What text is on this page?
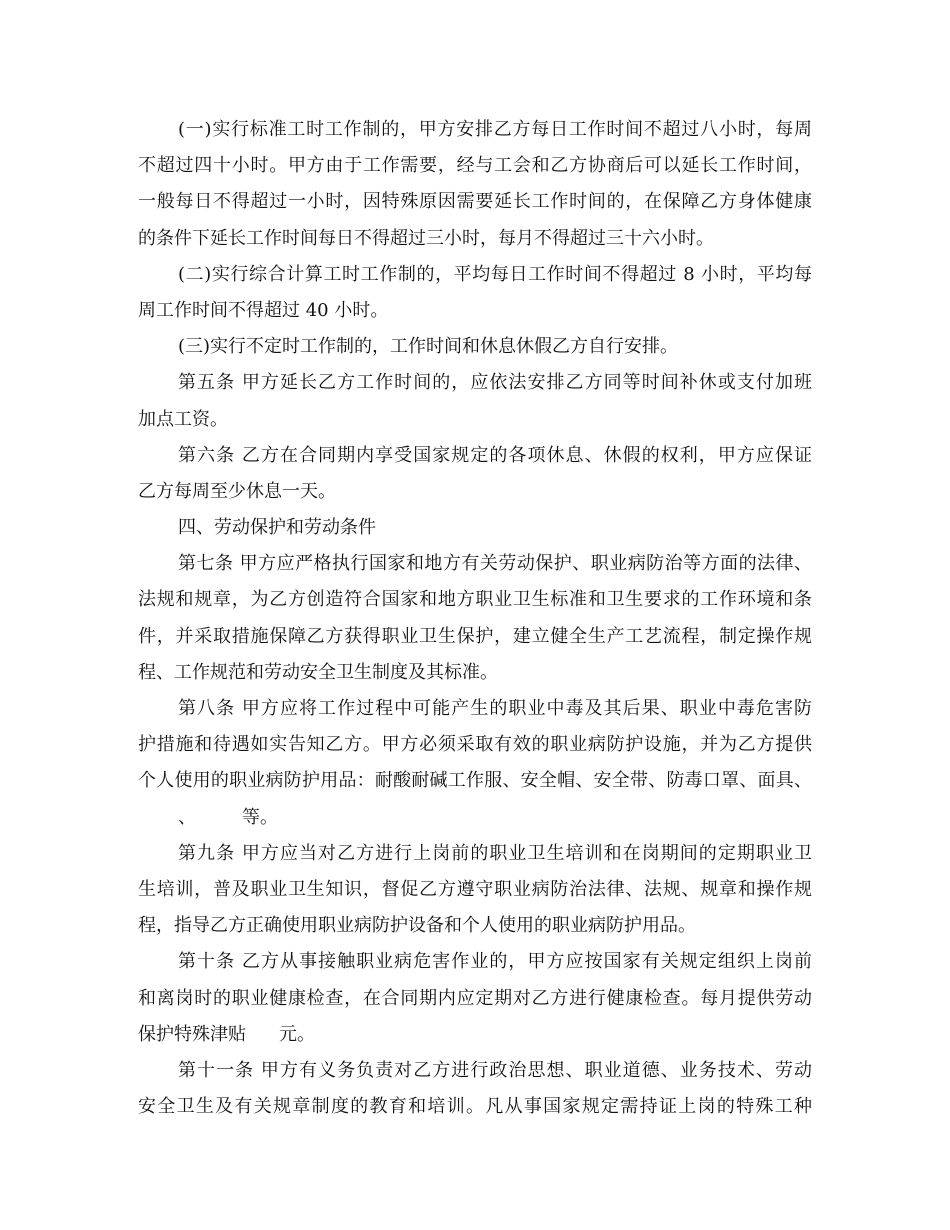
(一)实行标准工时工作制的，甲方安排乙方每日工作时间不超过八小时，每周
不超过四十小时。甲方由于工作需要，经与工会和乙方协商后可以延长工作时间，
一般每日不得超过一小时，因特殊原因需要延长工作时间的，在保障乙方身体健康
的条件下延长工作时间每日不得超过三小时，每月不得超过三十六小时。
(二)实行综合计算工时工作制的，平均每日工作时间不得超过 8 小时，平均每
周工作时间不得超过 40 小时。
(三)实行不定时工作制的，工作时间和休息休假乙方自行安排。
第五条 甲方延长乙方工作时间的，应依法安排乙方同等时间补休或支付加班
加点工资。
第六条 乙方在合同期内享受国家规定的各项休息、休假的权利，甲方应保证
乙方每周至少休息一天。
四、劳动保护和劳动条件
第七条 甲方应严格执行国家和地方有关劳动保护、职业病防治等方面的法律、
法规和规章，为乙方创造符合国家和地方职业卫生标准和卫生要求的工作环境和条
件，并采取措施保障乙方获得职业卫生保护，建立健全生产工艺流程，制定操作规
程、工作规范和劳动安全卫生制度及其标准。
第八条 甲方应将工作过程中可能产生的职业中毒及其后果、职业中毒危害防
护措施和待遇如实告知乙方。甲方必须采取有效的职业病防护设施，并为乙方提供
个人使用的职业病防护用品：耐酸耐碱工作服、安全帽、安全带、防毒口罩、面具、
、	等。
第九条 甲方应当对乙方进行上岗前的职业卫生培训和在岗期间的定期职业卫
生培训，普及职业卫生知识，督促乙方遵守职业病防治法律、法规、规章和操作规
程，指导乙方正确使用职业病防护设备和个人使用的职业病防护用品。
第十条 乙方从事接触职业病危害作业的，甲方应按国家有关规定组织上岗前
和离岗时的职业健康检查，在合同期内应定期对乙方进行健康检查。每月提供劳动
保护特殊津贴 元。
第十一条 甲方有义务负责对乙方进行政治思想、职业道德、业务技术、劳动
安全卫生及有关规章制度的教育和培训。凡从事国家规定需持证上岗的特殊工种
